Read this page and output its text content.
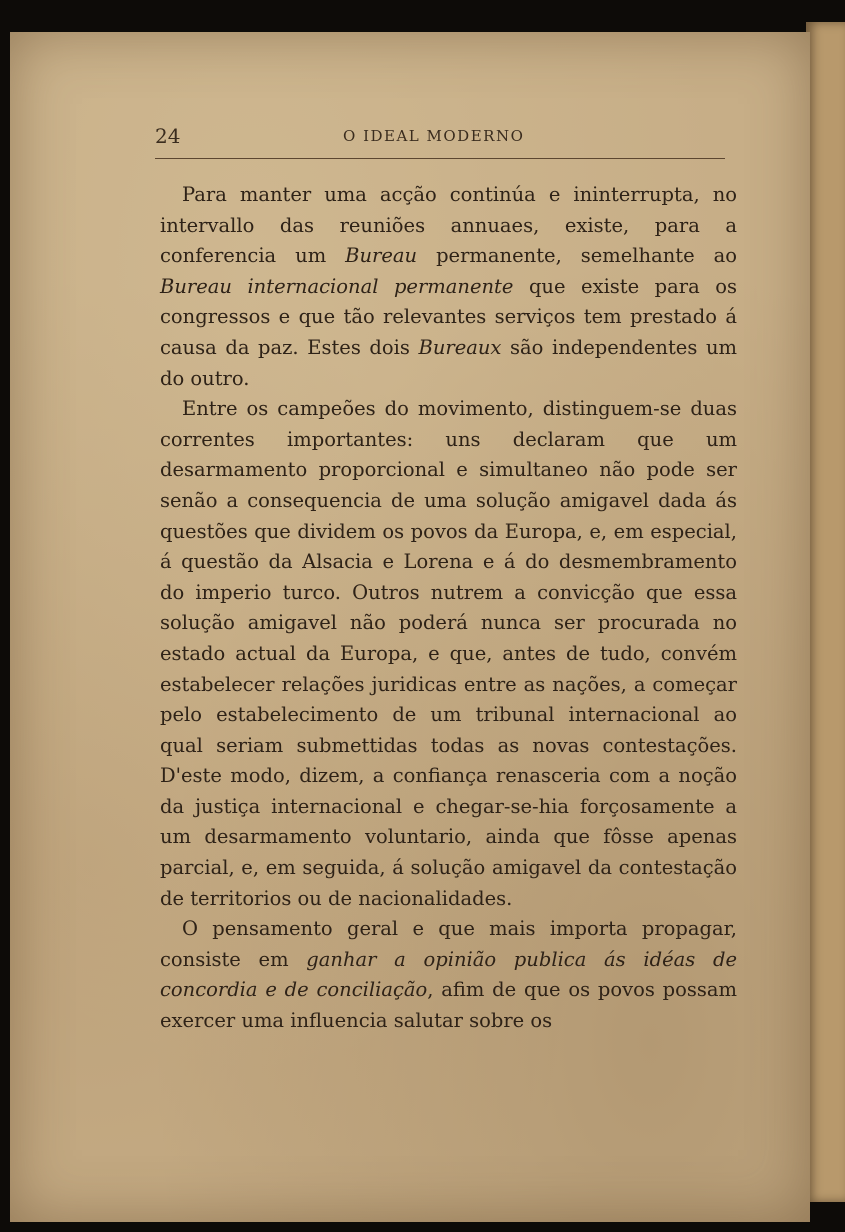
24	O IDEAL MODERNO

Para manter uma acção continúa e ininterrupta, no intervallo das reuniões annuaes, existe, para a conferencia um Bureau permanente, semelhante ao Bureau internacional permanente que existe para os congressos e que tão relevantes serviços tem prestado á causa da paz. Estes dois Bureaux são independentes um do outro.

Entre os campeões do movimento, distinguem-se duas correntes importantes: uns declaram que um desarmamento proporcional e simultaneo não pode ser senão a consequencia de uma solução amigavel dada ás questões que dividem os povos da Europa, e, em especial, á questão da Alsacia e Lorena e á do desmembramento do imperio turco. Outros nutrem a convicção que essa solução amigavel não poderá nunca ser procurada no estado actual da Europa, e que, antes de tudo, convém estabelecer relações juridicas entre as nações, a começar pelo estabelecimento de um tribunal internacional ao qual seriam submettidas todas as novas contestações. D'este modo, dizem, a confiança renasceria com a noção da justiça internacional e chegar-se-hia forçosamente a um desarmamento voluntario, ainda que fôsse apenas parcial, e, em seguida, á solução amigavel da contestação de territorios ou de nacionalidades.

O pensamento geral e que mais importa propagar, consiste em ganhar a opinião publica ás idéas de concordia e de conciliação, afim de que os povos possam exercer uma influencia salutar sobre os
